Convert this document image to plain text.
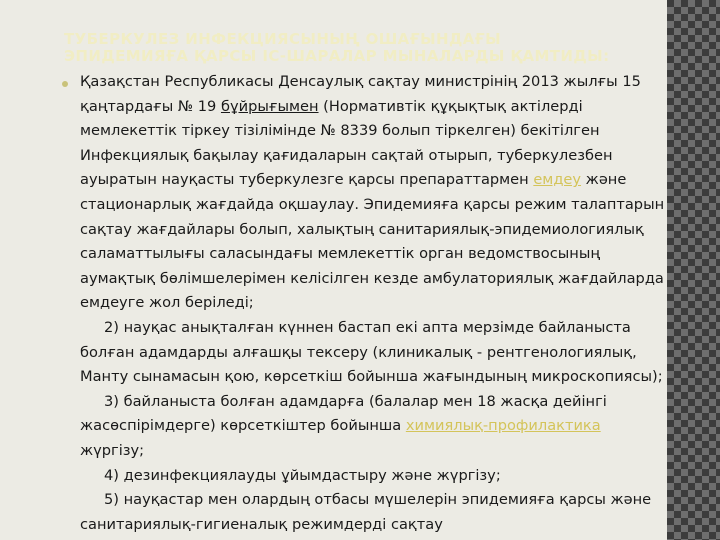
ТУБЕРКУЛЕЗ ИНФЕКЦИЯСЫНЫҢ ОШАҒЫНДАҒЫ
ЭПИДЕМИЯҒА ҚАРСЫ ІС-ШАРАЛАР МЫНАЛАРДЫ ҚАМТИДЫ:

Қазақстан Республикасы Денсаулық сақтау министрінің 2013 жылғы 15 қаңтардағы № 19 бұйрығымен (Нормативтік құқықтық актілерді мемлекеттік тіркеу тізілімінде № 8339 болып тіркелген) бекітілген Инфекциялық бақылау қағидаларын сақтай отырып, туберкулезбен ауыратын науқасты туберкулезге қарсы препараттармен емдеу және стационарлық жағдайда оқшаулау. Эпидемияға қарсы режим талаптарын сақтау жағдайлары болып, халықтың санитариялық-эпидемиологиялық саламаттылығы саласындағы мемлекеттік орган ведомствосының аумақтық бөлімшелерімен келісілген кезде амбулаториялық жағдайларда емдеуге жол беріледі;

2) науқас анықталған күннен бастап екі апта мерзімде байланыста болған адамдарды алғашқы тексеру (клиникалық - рентгенологиялық, Манту сынамасын қою, көрсеткіш бойынша жағындының микроскопиясы);

3) байланыста болған адамдарға (балалар мен 18 жасқа дейінгі жасөспірімдерге) көрсеткіштер бойынша химиялық-профилактика жүргізу;

4) дезинфекциялауды ұйымдастыру және жүргізу;

5) науқастар мен олардың отбасы мүшелерін эпидемияға қарсы және санитариялық-гигиеналық режимдерді сақтау
